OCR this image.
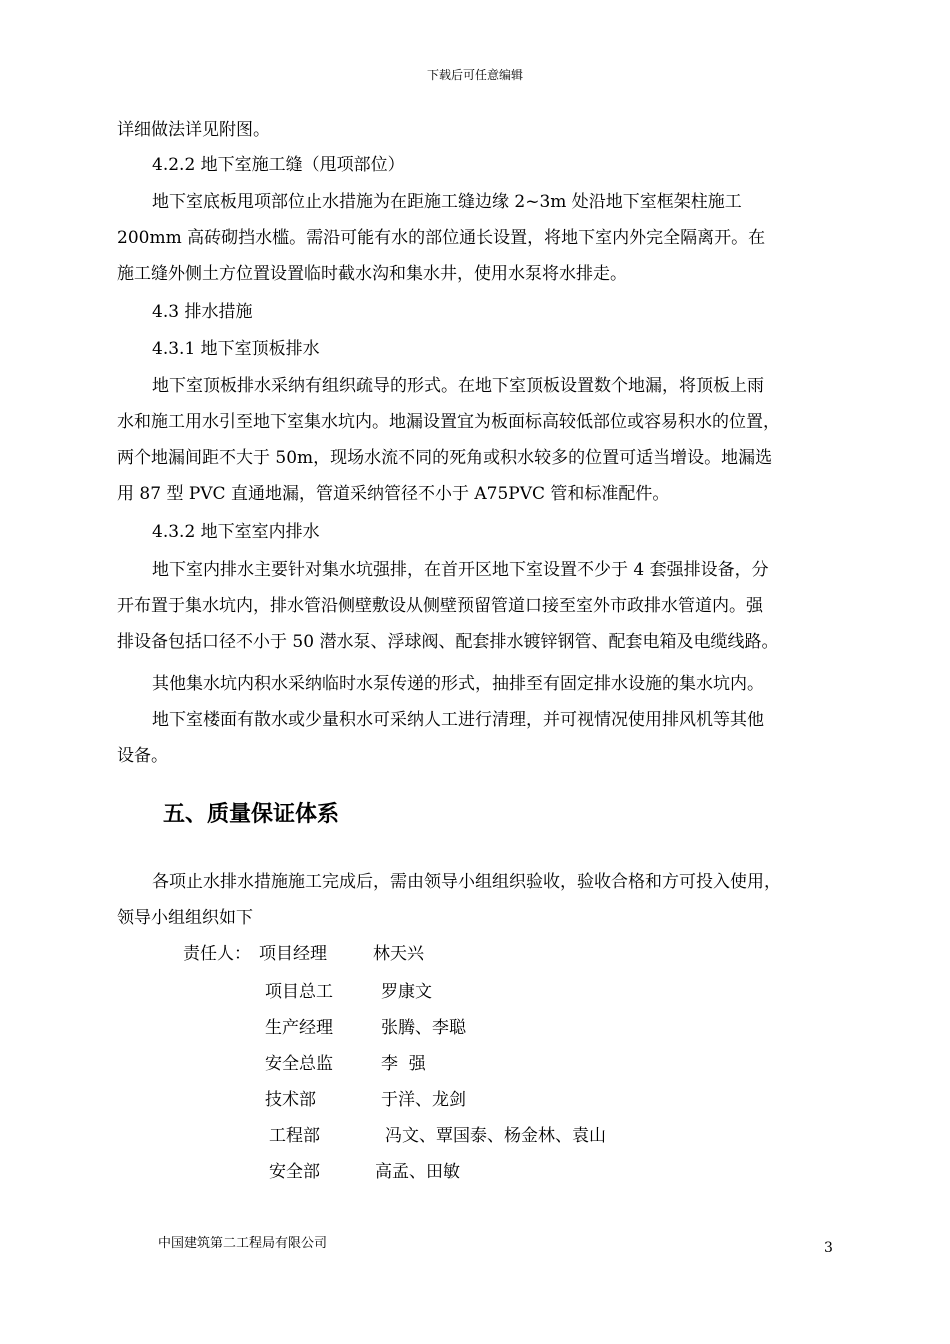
下载后可任意编辑
详细做法详见附图。
4.2.2 地下室施工缝（甩项部位）
地下室底板甩项部位止水措施为在距施工缝边缘 2~3m 处沿地下室框架柱施工
200mm 高砖砌挡水槛。需沿可能有水的部位通长设置，将地下室内外完全隔离开。在
施工缝外侧土方位置设置临时截水沟和集水井，使用水泵将水排走。
4.3 排水措施
4.3.1 地下室顶板排水
地下室顶板排水采纳有组织疏导的形式。在地下室顶板设置数个地漏，将顶板上雨
水和施工用水引至地下室集水坑内。地漏设置宜为板面标高较低部位或容易积水的位置，
两个地漏间距不大于 50m，现场水流不同的死角或积水较多的位置可适当增设。地漏选
用 87 型 PVC 直通地漏，管道采纳管径不小于 A75PVC 管和标准配件。
4.3.2 地下室室内排水
地下室内排水主要针对集水坑强排，在首开区地下室设置不少于 4 套强排设备，分
开布置于集水坑内，排水管沿侧壁敷设从侧壁预留管道口接至室外市政排水管道内。强
排设备包括口径不小于 50 潜水泵、浮球阀、配套排水镀锌钢管、配套电箱及电缆线路。
其他集水坑内积水采纳临时水泵传递的形式，抽排至有固定排水设施的集水坑内。
地下室楼面有散水或少量积水可采纳人工进行清理，并可视情况使用排风机等其他
设备。
五、质量保证体系
各项止水排水措施施工完成后，需由领导小组组织验收，验收合格和方可投入使用，
领导小组组织如下
责任人： 项目经理	林天兴
项目总工	罗康文
生产经理	张腾、李聪
安全总监	李  强
技术部	于洋、龙剑
工程部	冯文、覃国泰、杨金林、袁山
安全部	高孟、田敏
中国建筑第二工程局有限公司	3
